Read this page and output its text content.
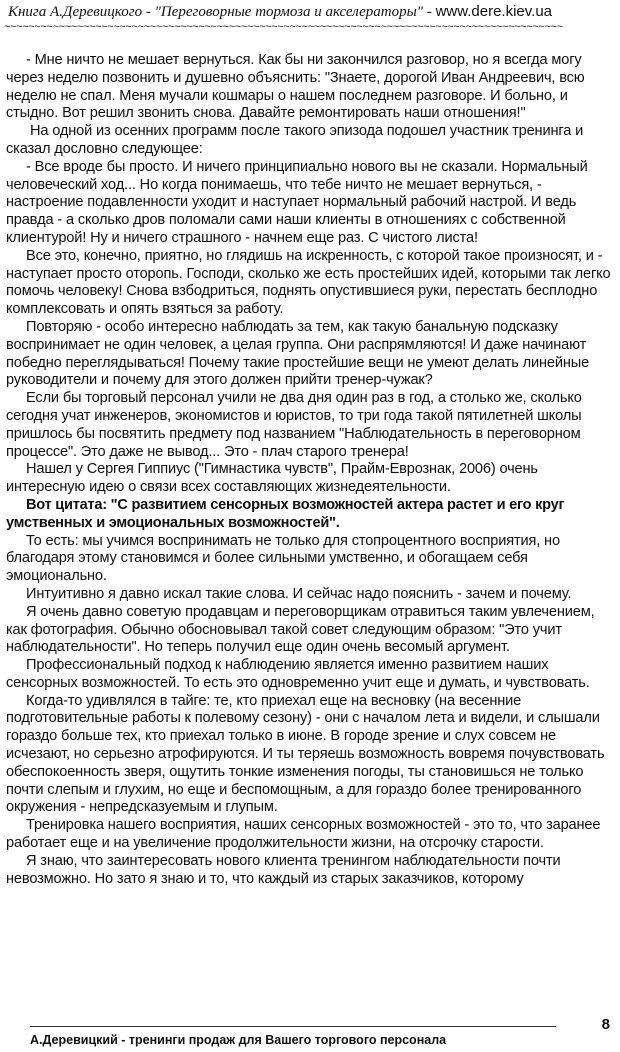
Книга А.Деревицкого - "Переговорные тормоза и акселераторы" - www.dere.kiev.ua
~~~~~~~~~~~~~~~~~~~~~~~~~~~~~~~~~~~~~~~~~~~~~~~~~~~~~~~~~~~~~~~~~~~~~~~~~~~~~~~~~~~~~~~~~~~~

- Мне ничто не мешает вернуться. Как бы ни закончился разговор, но я всегда могу через неделю позвонить и душевно объяснить: "Знаете, дорогой Иван Андреевич, всю неделю не спал. Меня мучали кошмары о нашем последнем разговоре. И больно, и стыдно. Вот решил звонить снова. Давайте ремонтировать наши отношения!"

На одной из осенних программ после такого эпизода подошел участник тренинга и сказал дословно следующее:

- Все вроде бы просто. И ничего принципиально нового вы не сказали. Нормальный человеческий ход... Но когда понимаешь, что тебе ничто не мешает вернуться, - настроение подавленности уходит и наступает нормальный рабочий настрой. И ведь правда - а сколько дров поломали сами наши клиенты в отношениях с собственной клиентурой! Ну и ничего страшного - начнем еще раз. С чистого листа!

Все это, конечно, приятно, но глядишь на искренность, с которой такое произносят, и - наступает просто оторопь. Господи, сколько же есть простейших идей, которыми так легко помочь человеку! Снова взбодриться, поднять опустившиеся руки, перестать бесплодно комплексовать и опять взяться за работу.

Повторяю - особо интересно наблюдать за тем, как такую банальную подсказку воспринимает не один человек, а целая группа. Они распрямляются! И даже начинают победно переглядываться! Почему такие простейшие вещи не умеют делать линейные руководители и почему для этого должен прийти тренер-чужак?

Если бы торговый персонал учили не два дня один раз в год, а столько же, сколько сегодня учат инженеров, экономистов и юристов, то три года такой пятилетней школы пришлось бы посвятить предмету под названием "Наблюдательность в переговорном процессе". Это даже не вывод... Это - плач старого тренера!

Нашел у Сергея Гиппиус ("Гимнастика чувств", Прайм-Еврознак, 2006) очень интересную идею о связи всех составляющих жизнедеятельности.

Вот цитата: "С развитием сенсорных возможностей актера растет и его круг умственных и эмоциональных возможностей".

То есть: мы учимся воспринимать не только для стопроцентного восприятия, но благодаря этому становимся и более сильными умственно, и обогащаем себя эмоционально.

Интуитивно я давно искал такие слова. И сейчас надо пояснить - зачем и почему.

Я очень давно советую продавцам и переговорщикам отравиться таким увлечением, как фотография. Обычно обосновывал такой совет следующим образом: "Это учит наблюдательности". Но теперь получил еще один очень весомый аргумент.

Профессиональный подход к наблюдению является именно развитием наших сенсорных возможностей. То есть это одновременно учит еще и думать, и чувствовать.

Когда-то удивлялся в тайге: те, кто приехал еще на весновку (на весенние подготовительные работы к полевому сезону) - они с началом лета и видели, и слышали гораздо больше тех, кто приехал только в июне. В городе зрение и слух совсем не исчезают, но серьезно атрофируются. И ты теряешь возможность вовремя почувствовать обеспокоенность зверя, ощутить тонкие изменения погоды, ты становишься не только почти слепым и глухим, но еще и беспомощным, а для гораздо более тренированного окружения - непредсказуемым и глупым.

Тренировка нашего восприятия, наших сенсорных возможностей - это то, что заранее работает еще и на увеличение продолжительности жизни, на отсрочку старости.

Я знаю, что заинтересовать нового клиента тренингом наблюдательности почти невозможно. Но зато я знаю и то, что каждый из старых заказчиков, которому

А.Деревицкий - тренинги продаж для Вашего торгового персонала
8
